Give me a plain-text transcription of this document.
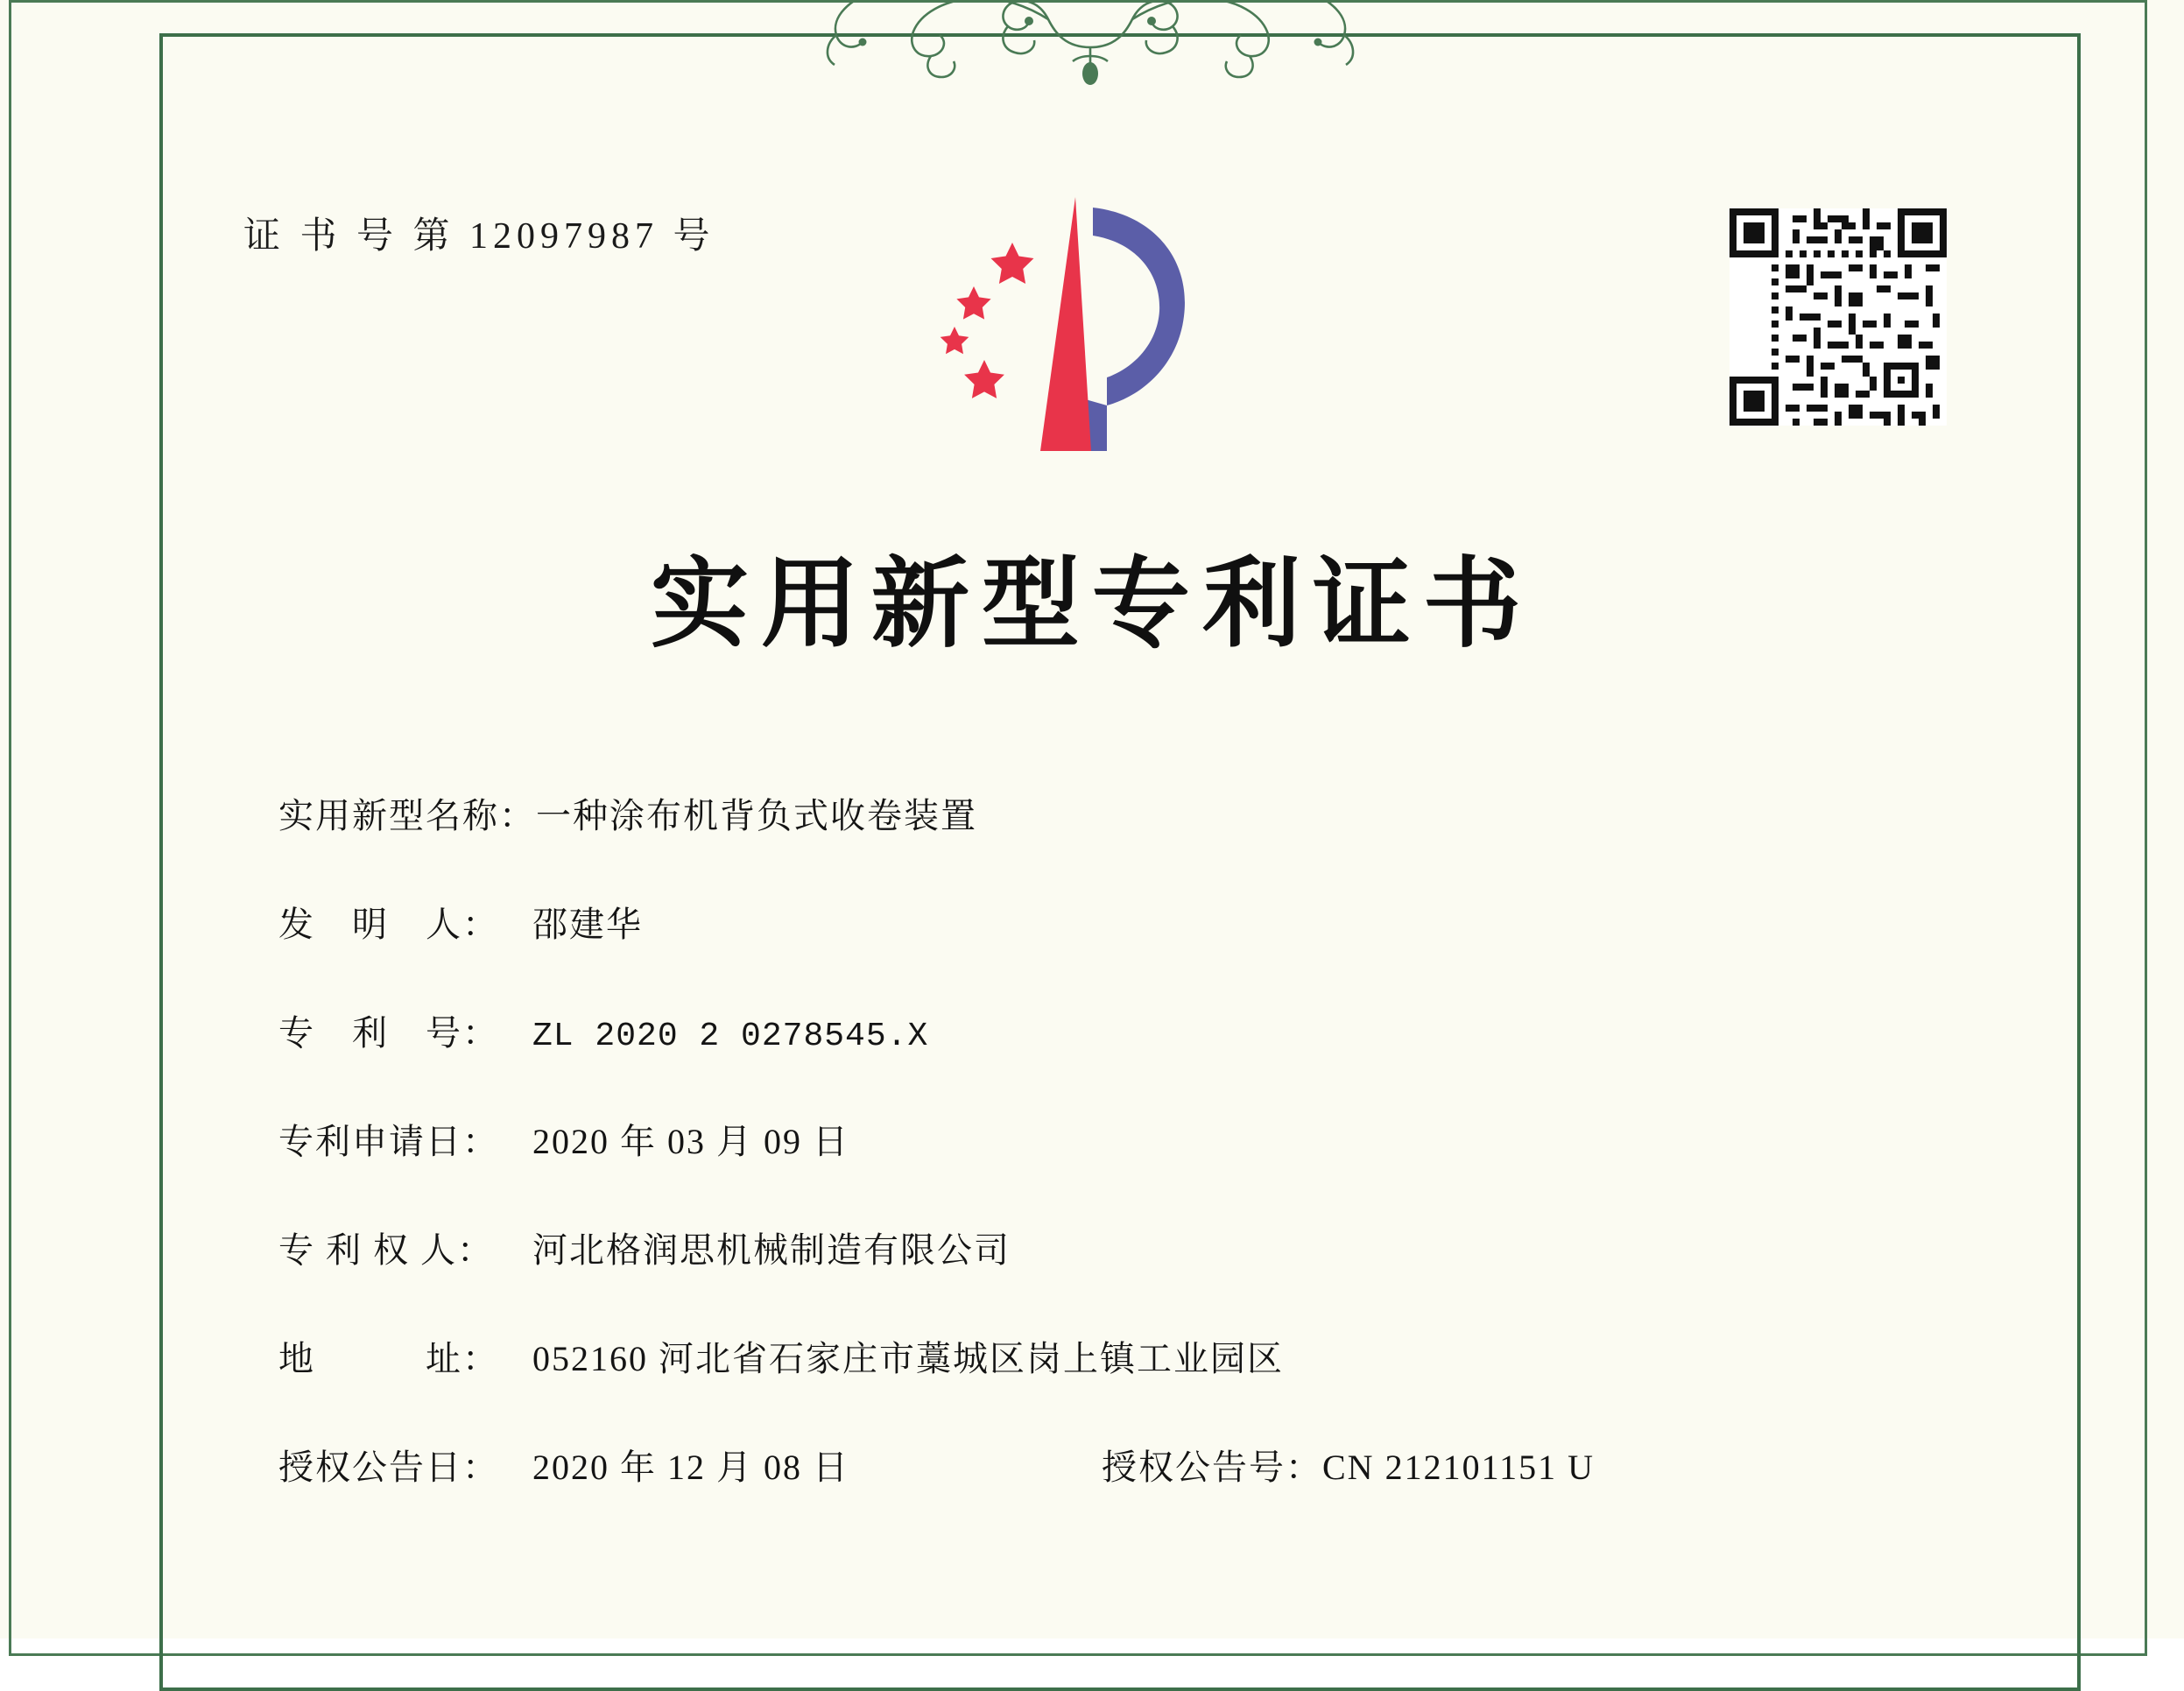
证 书 号 第 12097987 号
实用新型专利证书
实用新型名称： 一种涂布机背负式收卷装置
发　明　人： 邵建华
专　利　号：	ZL 2020 2 0278545.X
专利申请日： 2020 年 03 月 09 日
专 利 权 人：	河北格润思机械制造有限公司
地　　　址： 052160 河北省石家庄市藁城区岗上镇工业园区
授权公告日： 2020 年 12 月 08 日	授权公告号： CN 212101151 U
